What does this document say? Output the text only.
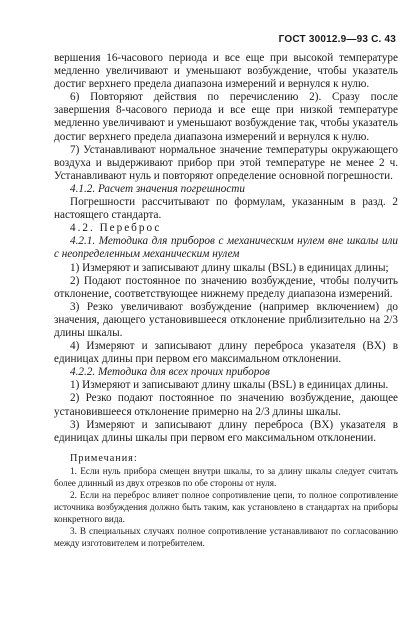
ГОСТ 30012.9—93 С. 43

вершения 16-часового периода и все еще при высокой температуре медленно увеличивают и уменьшают возбуждение, чтобы указатель достиг верхнего предела диапазона измерений и вернулся к нулю.

6) Повторяют действия по перечислению 2). Сразу после завершения 8-часового периода и все еще при низкой температуре медленно увеличивают и уменьшают возбуждение так, чтобы указатель достиг верхнего предела диапазона измерений и вернулся к нулю.

7) Устанавливают нормальное значение температуры окружающего воздуха и выдерживают прибор при этой температуре не менее 2 ч. Устанавливают нуль и повторяют определение основной погрешности.

4.1.2. Расчет значения погрешности

Погрешности рассчитывают по формулам, указанным в разд. 2 настоящего стандарта.

4.2. Переброс

4.2.1. Методика для приборов с механическим нулем вне шкалы или с неопределенным механическим нулем

1) Измеряют и записывают длину шкалы (BSL) в единицах длины;

2) Подают постоянное по значению возбуждение, чтобы получить отклонение, соответствующее нижнему пределу диапазона измерений.

3) Резко увеличивают возбуждение (например включением) до значения, дающего установившееся отклонение приблизительно на 2/3 длины шкалы.

4) Измеряют и записывают длину переброса указателя (BX) в единицах длины при первом его максимальном отклонении.

4.2.2. Методика для всех прочих приборов

1) Измеряют и записывают длину шкалы (BSL) в единицах длины.

2) Резко подают постоянное по значению возбуждение, дающее установившееся отклонение примерно на 2/3 длины шкалы.

3) Измеряют и записывают длину переброса (BX) указателя в единицах длины шкалы при первом его максимальном отклонении.

Примечания:

1. Если нуль прибора смещен внутри шкалы, то за длину шкалы следует считать более длинный из двух отрезков по обе стороны от нуля.

2. Если на переброс влияет полное сопротивление цепи, то полное сопротивление источника возбуждения должно быть таким, как установлено в стандартах на приборы конкретного вида.

3. В специальных случаях полное сопротивление устанавливают по согласованию между изготовителем и потребителем.
